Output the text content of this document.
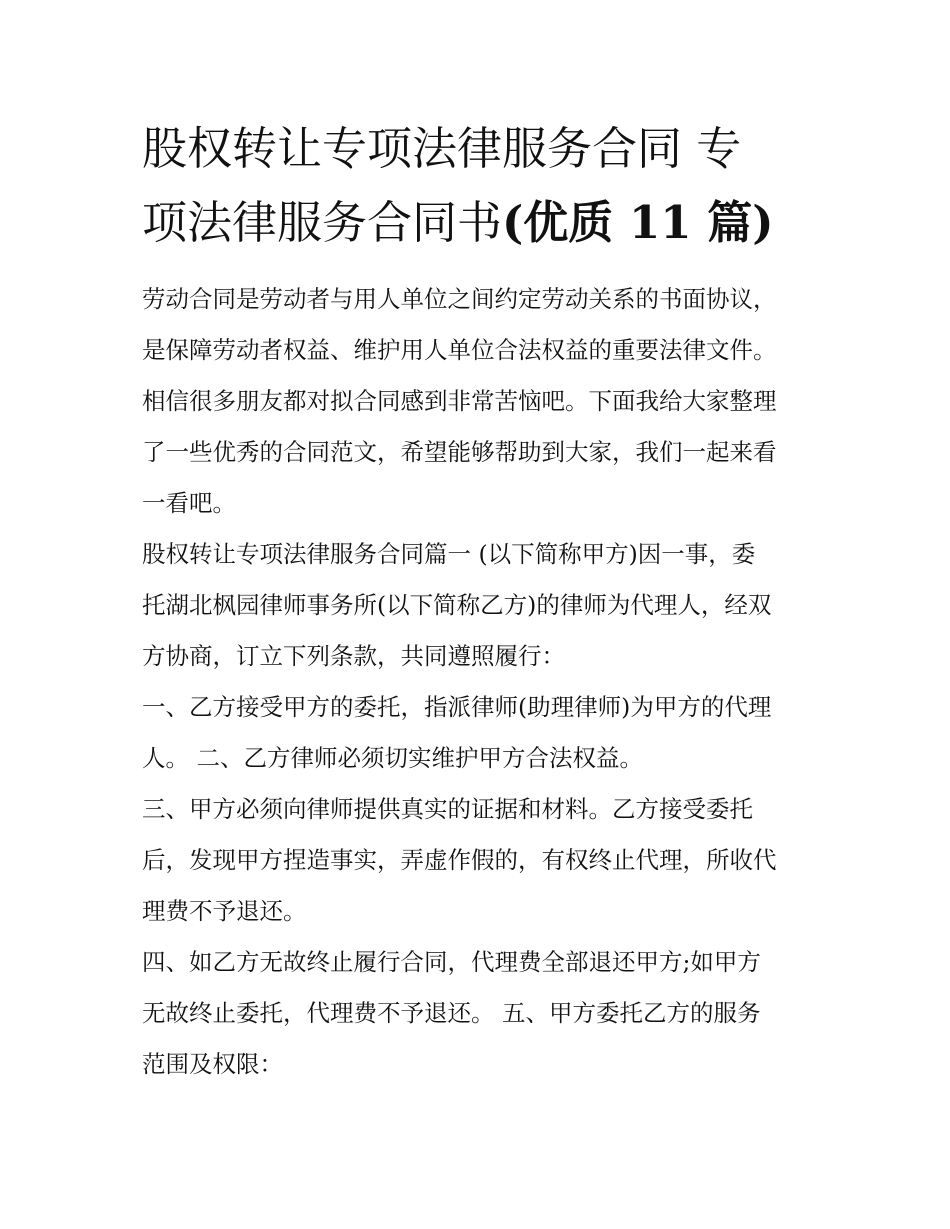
股权转让专项法律服务合同 专
项法律服务合同书(优质 11 篇)

劳动合同是劳动者与用人单位之间约定劳动关系的书面协议，
是保障劳动者权益、维护用人单位合法权益的重要法律文件。
相信很多朋友都对拟合同感到非常苦恼吧。下面我给大家整理
了一些优秀的合同范文，希望能够帮助到大家，我们一起来看
一看吧。

股权转让专项法律服务合同篇一 (以下简称甲方)因一事，委
托湖北枫园律师事务所(以下简称乙方)的律师为代理人，经双
方协商，订立下列条款，共同遵照履行：

一、乙方接受甲方的委托，指派律师(助理律师)为甲方的代理
人。 二、乙方律师必须切实维护甲方合法权益。

三、甲方必须向律师提供真实的证据和材料。乙方接受委托
后，发现甲方捏造事实，弄虚作假的，有权终止代理，所收代
理费不予退还。

四、如乙方无故终止履行合同，代理费全部退还甲方;如甲方
无故终止委托，代理费不予退还。 五、甲方委托乙方的服务
范围及权限：
